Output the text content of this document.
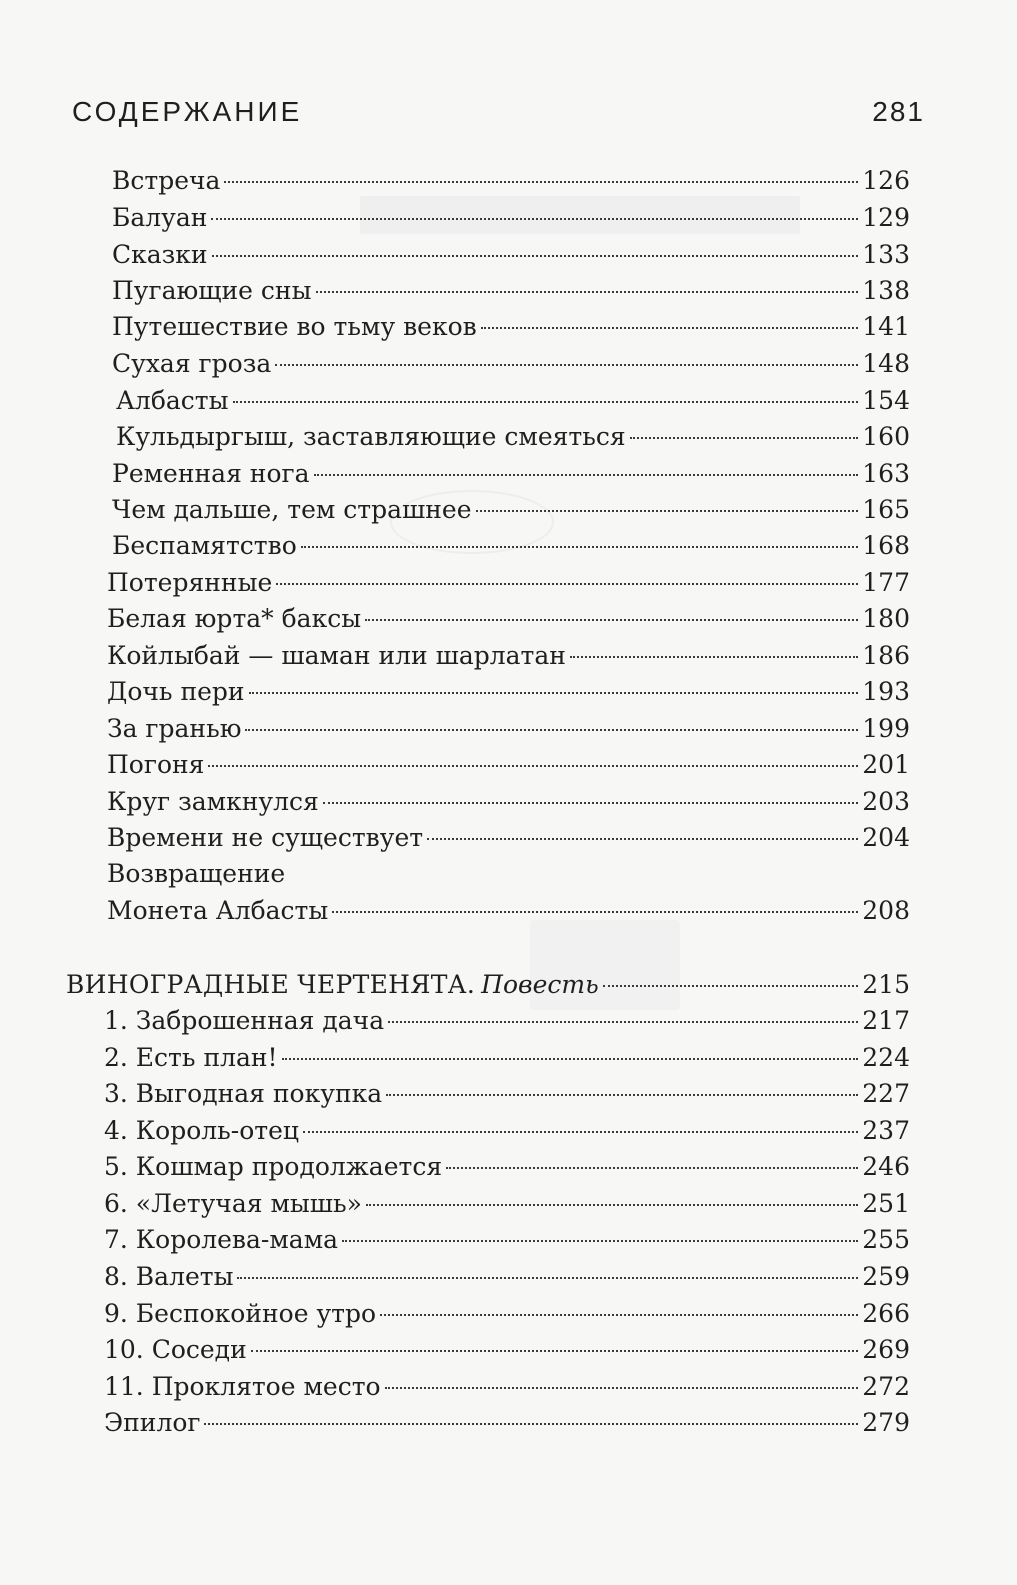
СОДЕРЖАНИЕ	281
Встреча	126
Балуан	129
Сказки	133
Пугающие сны	138
Путешествие во тьму веков	141
Сухая гроза	148
Албасты	154
Кульдыргыш, заставляющие смеяться	160
Ременная нога	163
Чем дальше, тем страшнее	165
Беспамятство	168
Потерянные	177
Белая юрта* баксы	180
Койлыбай — шаман или шарлатан	186
Дочь пери	193
За гранью	199
Погоня	201
Круг замкнулся	203
Времени не существует	204
Возвращение
Монета Албасты	208
ВИНОГРАДНЫЕ ЧЕРТЕНЯТА. Повесть	215
1. Заброшенная дача	217
2. Есть план!	224
3. Выгодная покупка	227
4. Король-отец	237
5. Кошмар продолжается	246
6. «Летучая мышь»	251
7. Королева-мама	255
8. Валеты	259
9. Беспокойное утро	266
10. Соседи	269
11. Проклятое место	272
Эпилог	279
